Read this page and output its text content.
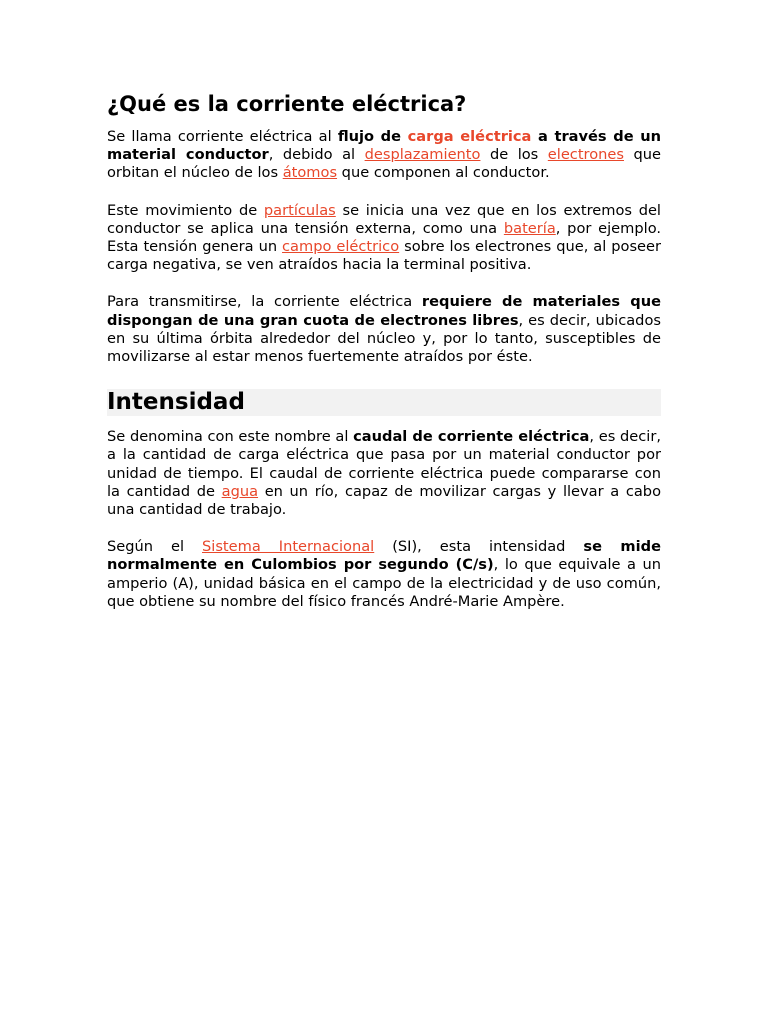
¿Qué es la corriente eléctrica?

Se llama corriente eléctrica al flujo de carga eléctrica a través de un material conductor, debido al desplazamiento de los electrones que orbitan el núcleo de los átomos que componen al conductor.

Este movimiento de partículas se inicia una vez que en los extremos del conductor se aplica una tensión externa, como una batería, por ejemplo. Esta tensión genera un campo eléctrico sobre los electrones que, al poseer carga negativa, se ven atraídos hacia la terminal positiva.

Para transmitirse, la corriente eléctrica requiere de materiales que dispongan de una gran cuota de electrones libres, es decir, ubicados en su última órbita alrededor del núcleo y, por lo tanto, susceptibles de movilizarse al estar menos fuertemente atraídos por éste.

Intensidad

Se denomina con este nombre al caudal de corriente eléctrica, es decir, a la cantidad de carga eléctrica que pasa por un material conductor por unidad de tiempo. El caudal de corriente eléctrica puede compararse con la cantidad de agua en un río, capaz de movilizar cargas y llevar a cabo una cantidad de trabajo.

Según el Sistema Internacional (SI), esta intensidad se mide normalmente en Culombios por segundo (C/s), lo que equivale a un amperio (A), unidad básica en el campo de la electricidad y de uso común, que obtiene su nombre del físico francés André-Marie Ampère.
